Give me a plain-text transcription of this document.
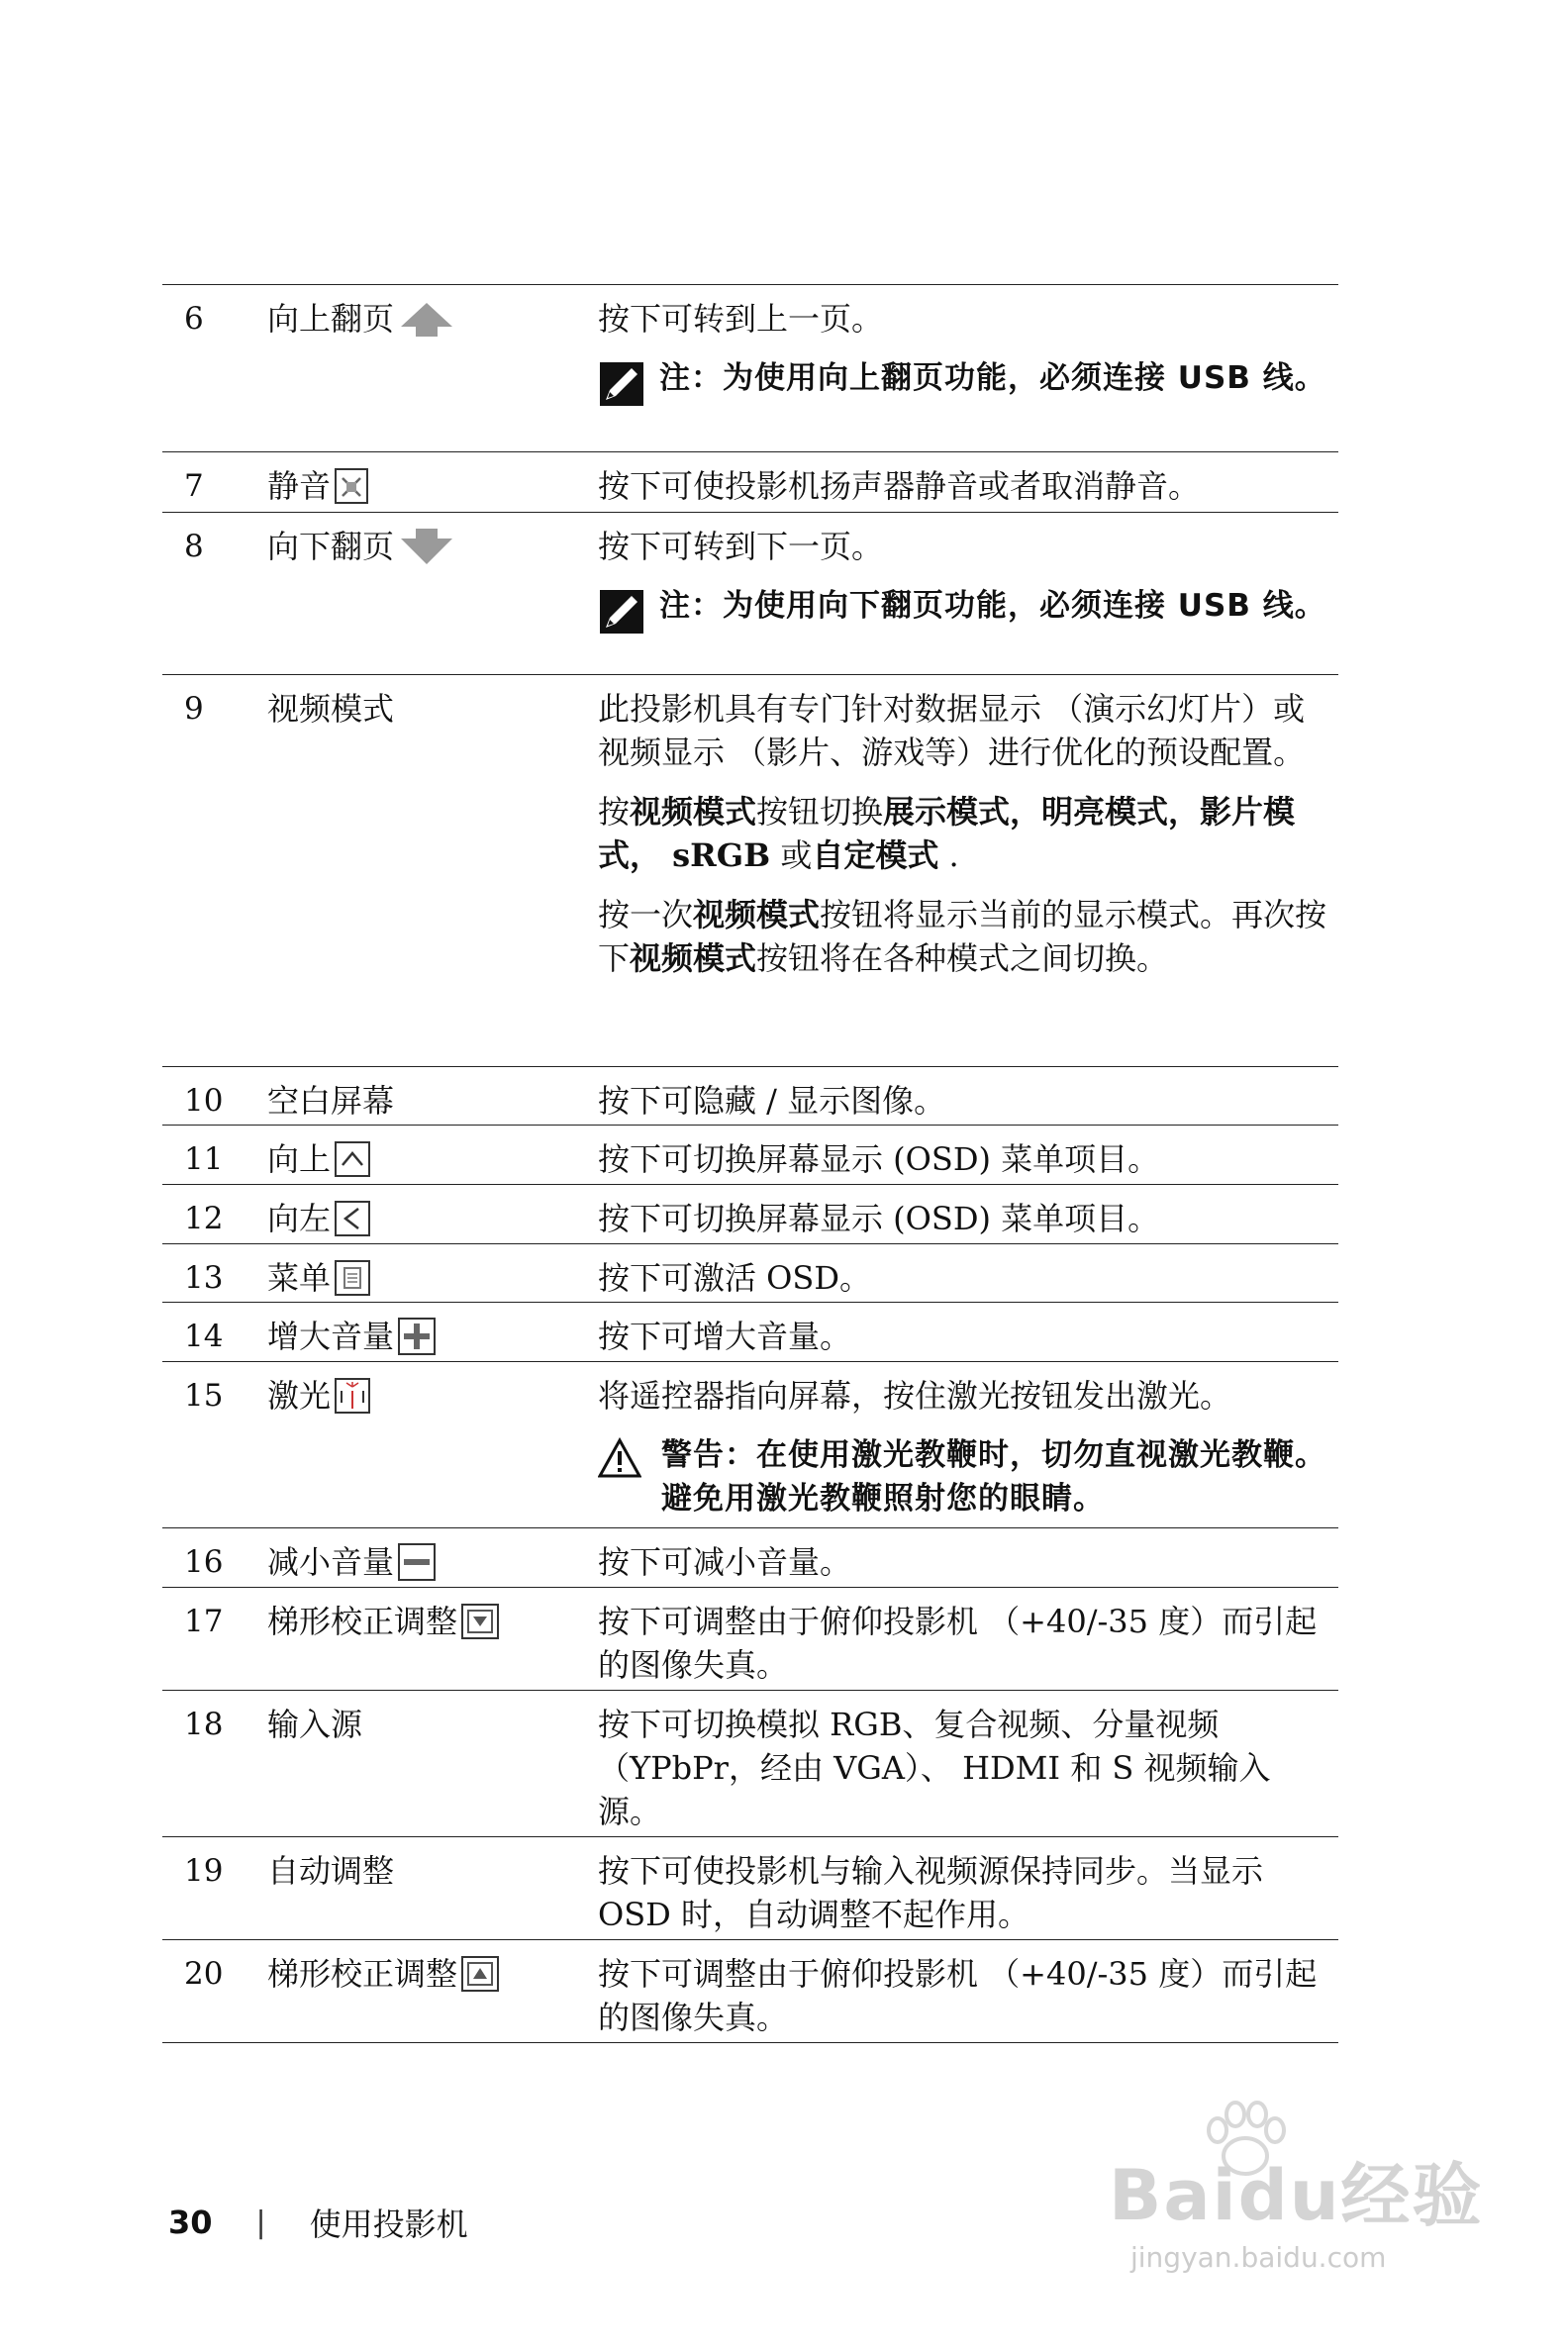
6 向上翻页	按下可转到上一页。

注：为使用向上翻页功能，必须连接 USB 线。
7 静音	按下可使投影机扬声器静音或者取消静音。

8 向下翻页	按下可转到下一页。

注：为使用向下翻页功能，必须连接 USB 线。
9 视频模式	此投影机具有专门针对数据显示 （演示幻灯片）或视频显示 （影片、游戏等）进行优化的预设配置。

按视频模式按钮切换展示模式，明亮模式，影片模式， sRGB 或自定模式 .

按一次视频模式按钮将显示当前的显示模式。再次按下视频模式按钮将在各种模式之间切换。

10 空白屏幕	按下可隐藏 / 显示图像。

11 向上	按下可切换屏幕显示 (OSD) 菜单项目。

12 向左	按下可切换屏幕显示 (OSD) 菜单项目。

13 菜单	按下可激活 OSD。

14 增大音量	按下可增大音量。

15 激光	将遥控器指向屏幕，按住激光按钮发出激光。

警告：在使用激光教鞭时，切勿直视激光教鞭。避免用激光教鞭照射您的眼睛。
16 减小音量	按下可减小音量。

17 梯形校正调整	按下可调整由于俯仰投影机 （+40/-35 度）而引起的图像失真。

18 输入源	按下可切换模拟 RGB、复合视频、分量视频（YPbPr，经由 VGA）、 HDMI 和 S 视频输入源。

19 自动调整	按下可使投影机与输入视频源保持同步。当显示 OSD 时，自动调整不起作用。

20 梯形校正调整	按下可调整由于俯仰投影机 （+40/-35 度）而引起的图像失真。

30 | 使用投影机	Baidu经验
jingyan.baidu.com
